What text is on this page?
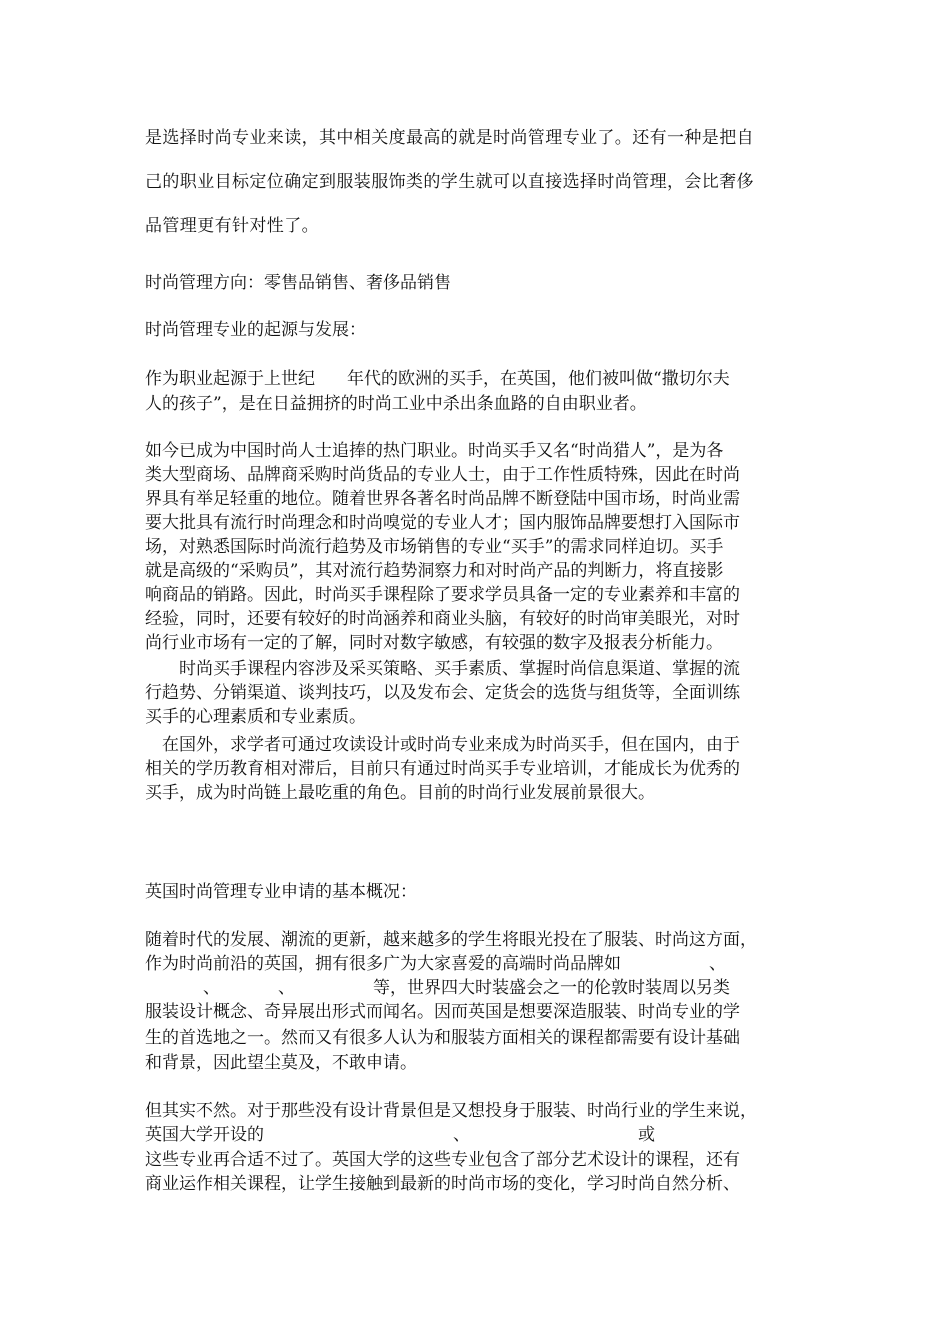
是选择时尚专业来读，其中相关度最高的就是时尚管理专业了。还有一种是把自
己的职业目标定位确定到服装服饰类的学生就可以直接选择时尚管理，会比奢侈
品管理更有针对性了。
时尚管理方向：零售品销售、奢侈品销售
时尚管理专业的起源与发展：
作为职业起源于上世纪 年代的欧洲的买手，在英国，他们被叫做“撒切尔夫
人的孩子”，是在日益拥挤的时尚工业中杀出条血路的自由职业者。
如今已成为中国时尚人士追捧的热门职业。时尚买手又名“时尚猎人”，是为各
类大型商场、品牌商采购时尚货品的专业人士，由于工作性质特殊，因此在时尚
界具有举足轻重的地位。随着世界各著名时尚品牌不断登陆中国市场，时尚业需
要大批具有流行时尚理念和时尚嗅觉的专业人才；国内服饰品牌要想打入国际市
场，对熟悉国际时尚流行趋势及市场销售的专业“买手”的需求同样迫切。买手
就是高级的“采购员”，其对流行趋势洞察力和对时尚产品的判断力，将直接影
响商品的销路。因此，时尚买手课程除了要求学员具备一定的专业素养和丰富的
经验，同时，还要有较好的时尚涵养和商业头脑，有较好的时尚审美眼光，对时
尚行业市场有一定的了解，同时对数字敏感，有较强的数字及报表分析能力。
　　时尚买手课程内容涉及采买策略、买手素质、掌握时尚信息渠道、掌握的流
行趋势、分销渠道、谈判技巧，以及发布会、定货会的选货与组货等，全面训练
买手的心理素质和专业素质。
　在国外，求学者可通过攻读设计或时尚专业来成为时尚买手，但在国内，由于
相关的学历教育相对滞后，目前只有通过时尚买手专业培训，才能成长为优秀的
买手，成为时尚链上最吃重的角色。目前的时尚行业发展前景很大。
英国时尚管理专业申请的基本概况：
随着时代的发展、潮流的更新，越来越多的学生将眼光投在了服装、时尚这方面，
作为时尚前沿的英国，拥有很多广为大家喜爱的高端时尚品牌如	、
、	、	等，世界四大时装盛会之一的伦敦时装周以另类
服装设计概念、奇异展出形式而闻名。因而英国是想要深造服装、时尚专业的学
生的首选地之一。然而又有很多人认为和服装方面相关的课程都需要有设计基础
和背景，因此望尘莫及，不敢申请。
但其实不然。对于那些没有设计背景但是又想投身于服装、时尚行业的学生来说，
英国大学开设的	、	或
这些专业再合适不过了。英国大学的这些专业包含了部分艺术设计的课程，还有
商业运作相关课程，让学生接触到最新的时尚市场的变化，学习时尚自然分析、
